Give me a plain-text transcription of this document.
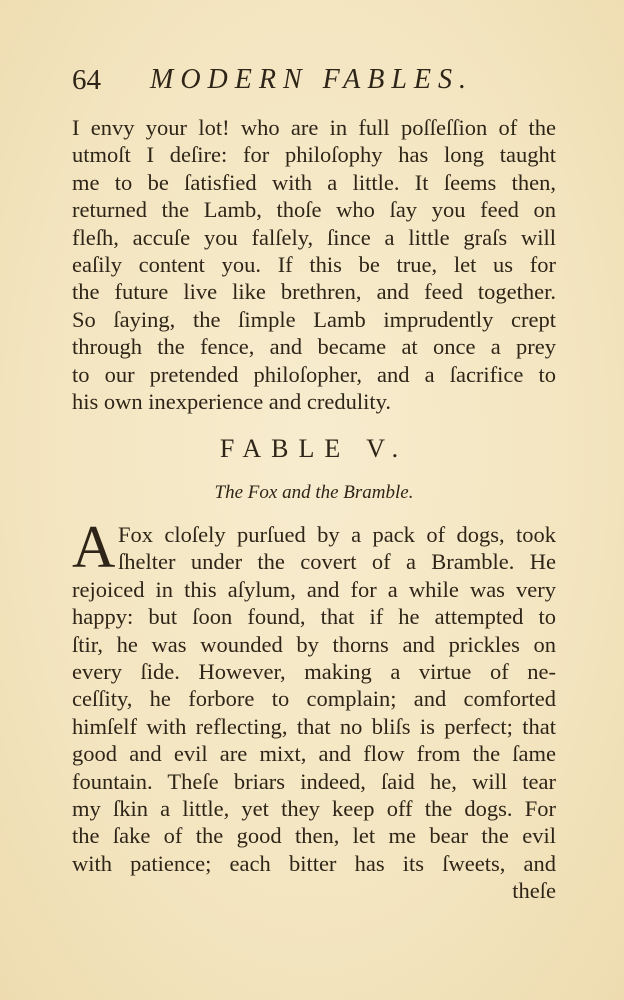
64 MODERN FABLES.
I envy your lot! who are in full poſſeſſion of the
utmoſt I deſire: for philoſophy has long taught
me to be ſatisfied with a little. It ſeems then,
returned the Lamb, thoſe who ſay you feed on
fleſh, accuſe you falſely, ſince a little graſs will
eaſily content you. If this be true, let us for
the future live like brethren, and feed together.
So ſaying, the ſimple Lamb imprudently crept
through the fence, and became at once a prey
to our pretended philoſopher, and a ſacrifice to
his own inexperience and credulity.
FABLE V.
The Fox and the Bramble.
A Fox cloſely purſued by a pack of dogs, took
ſhelter under the covert of a Bramble. He
rejoiced in this aſylum, and for a while was very
happy: but ſoon found, that if he attempted to
ſtir, he was wounded by thorns and prickles on
every ſide. However, making a virtue of ne-
ceſſity, he forbore to complain; and comforted
himſelf with reflecting, that no bliſs is perfect; that
good and evil are mixt, and flow from the ſame
fountain. Theſe briars indeed, ſaid he, will tear
my ſkin a little, yet they keep off the dogs. For
the ſake of the good then, let me bear the evil
with patience; each bitter has its ſweets, and
theſe
